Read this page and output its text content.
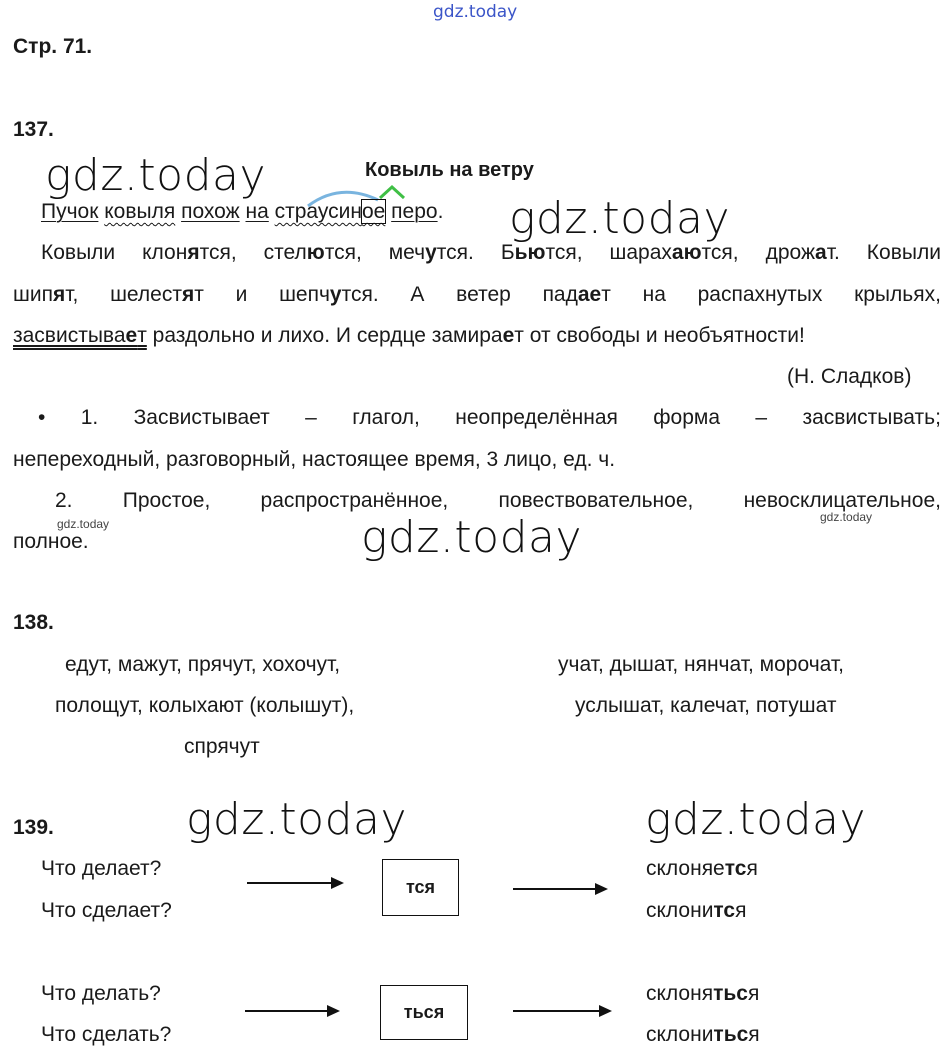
gdz.today
gdz.today
gdz.today
gdz.today
gdz.today	gdz.today
gdz.today	gdz.today
Стр. 71.
137.
Ковыль на ветру
Пучок ковыля похож на страусиное перо.
Ковыли клонятся, стелются, мечутся. Бьются, шарахаются, дрожат. Ковыли
шипят, шелестят и шепчутся. А ветер падает на распахнутых крыльях,
засвистывает раздольно и лихо. И сердце замирает от свободы и необъятности!
(Н. Сладков)
• 1. Засвистывает – глагол, неопределённая форма – засвистывать;
непереходный, разговорный, настоящее время, 3 лицо, ед. ч.
2. Простое, распространённое, повествовательное, невосклицательное,
полное.
138.
едут, мажут, прячут, хохочут,
полощут, колыхают (колышут),
спрячут
учат, дышат, нянчат, морочат,
услышат, калечат, потушат
139.
Что делает?
Что сделает?
Что делать?
Что сделать?
тся
ться
склоняется
склонится
склоняться
склониться
